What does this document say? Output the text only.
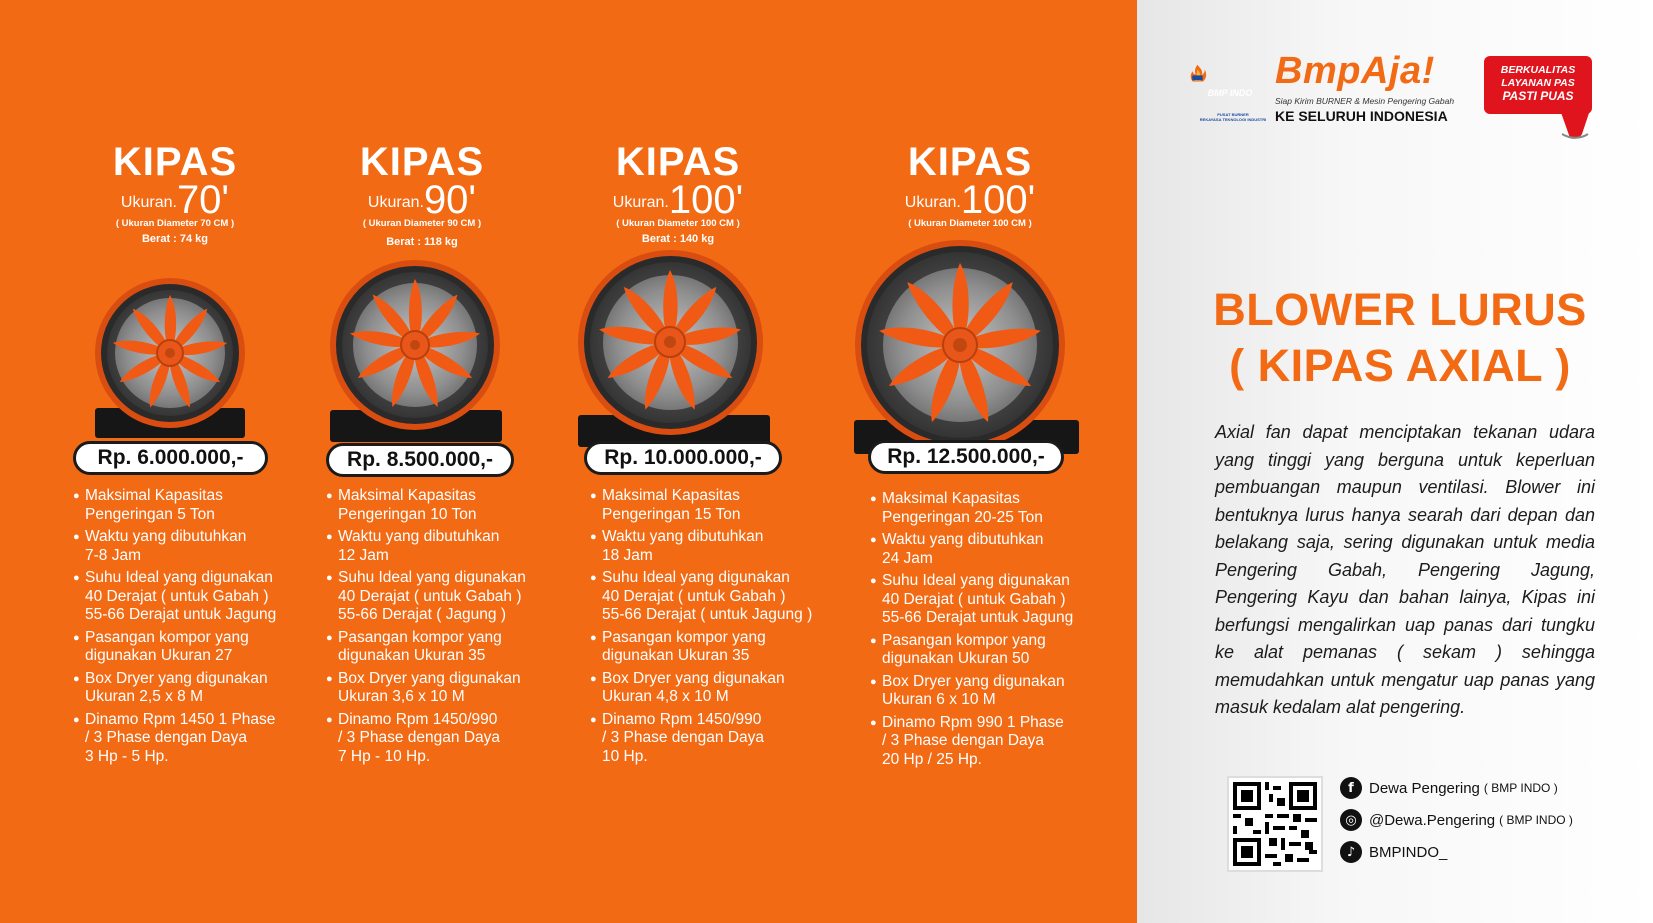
KIPAS
Ukuran.70'
( Ukuran Diameter 70 CM )
Berat : 74 kg
Rp. 6.000.000,-
● Maksimal Kapasitas
Pengeringan 5 Ton
● Waktu yang dibutuhkan
7-8 Jam
● Suhu Ideal yang digunakan
40 Derajat ( untuk Gabah )
55-66 Derajat untuk Jagung
● Pasangan kompor yang
digunakan Ukuran 27
● Box Dryer yang digunakan
Ukuran 2,5 x 8 M
● Dinamo Rpm 1450 1 Phase
/ 3 Phase dengan Daya
3 Hp - 5 Hp.
KIPAS
Ukuran.90'
( Ukuran Diameter 90 CM )
Berat : 118 kg
Rp. 8.500.000,-
● Maksimal Kapasitas
Pengeringan 10 Ton
● Waktu yang dibutuhkan
12 Jam
● Suhu Ideal yang digunakan
40 Derajat ( untuk Gabah )
55-66 Derajat ( Jagung )
● Pasangan kompor yang
digunakan Ukuran 35
● Box Dryer yang digunakan
Ukuran 3,6 x 10 M
● Dinamo Rpm 1450/990
/ 3 Phase dengan Daya
7 Hp - 10 Hp.
KIPAS
Ukuran.100'
( Ukuran Diameter 100 CM )
Berat : 140 kg
Rp. 10.000.000,-
● Maksimal Kapasitas
Pengeringan 15 Ton
● Waktu yang dibutuhkan
18 Jam
● Suhu Ideal yang digunakan
40 Derajat ( untuk Gabah )
55-66 Derajat ( untuk Jagung )
● Pasangan kompor yang
digunakan Ukuran 35
● Box Dryer yang digunakan
Ukuran 4,8 x 10 M
● Dinamo Rpm 1450/990
/ 3 Phase dengan Daya
10 Hp.
KIPAS
Ukuran.100'
( Ukuran Diameter 100 CM )
Rp. 12.500.000,-
● Maksimal Kapasitas
Pengeringan 20-25 Ton
● Waktu yang dibutuhkan
24 Jam
● Suhu Ideal yang digunakan
40 Derajat ( untuk Gabah )
55-66 Derajat untuk Jagung
● Pasangan kompor yang
digunakan Ukuran 50
● Box Dryer yang digunakan
Ukuran 6 x 10 M
● Dinamo Rpm 990 1 Phase
/ 3 Phase dengan Daya
20 Hp / 25 Hp.
BMP INDO
PUSAT BURNER
REKAYASA TEKNOLOGI INDUSTRI
BmpAja!
Siap Kirim BURNER & Mesin Pengering Gabah
KE SELURUH INDONESIA
BERKUALITAS
LAYANAN PAS
PASTI PUAS
BLOWER LURUS
( KIPAS AXIAL )
Axial fan dapat menciptakan tekanan udara yang tinggi yang berguna untuk keperluan pembuangan maupun ventilasi. Blower ini bentuknya lurus hanya searah dari depan dan belakang saja, sering digunakan untuk media Pengering Gabah, Pengering Jagung, Pengering Kayu dan bahan lainya, Kipas ini berfungsi mengalirkan uap panas dari tungku ke alat pemanas ( sekam ) sehingga memudahkan untuk mengatur uap panas yang masuk kedalam alat pengering.
f	Dewa Pengering ( BMP INDO )
◎ @Dewa.Pengering ( BMP INDO )
♪ BMPINDO_
